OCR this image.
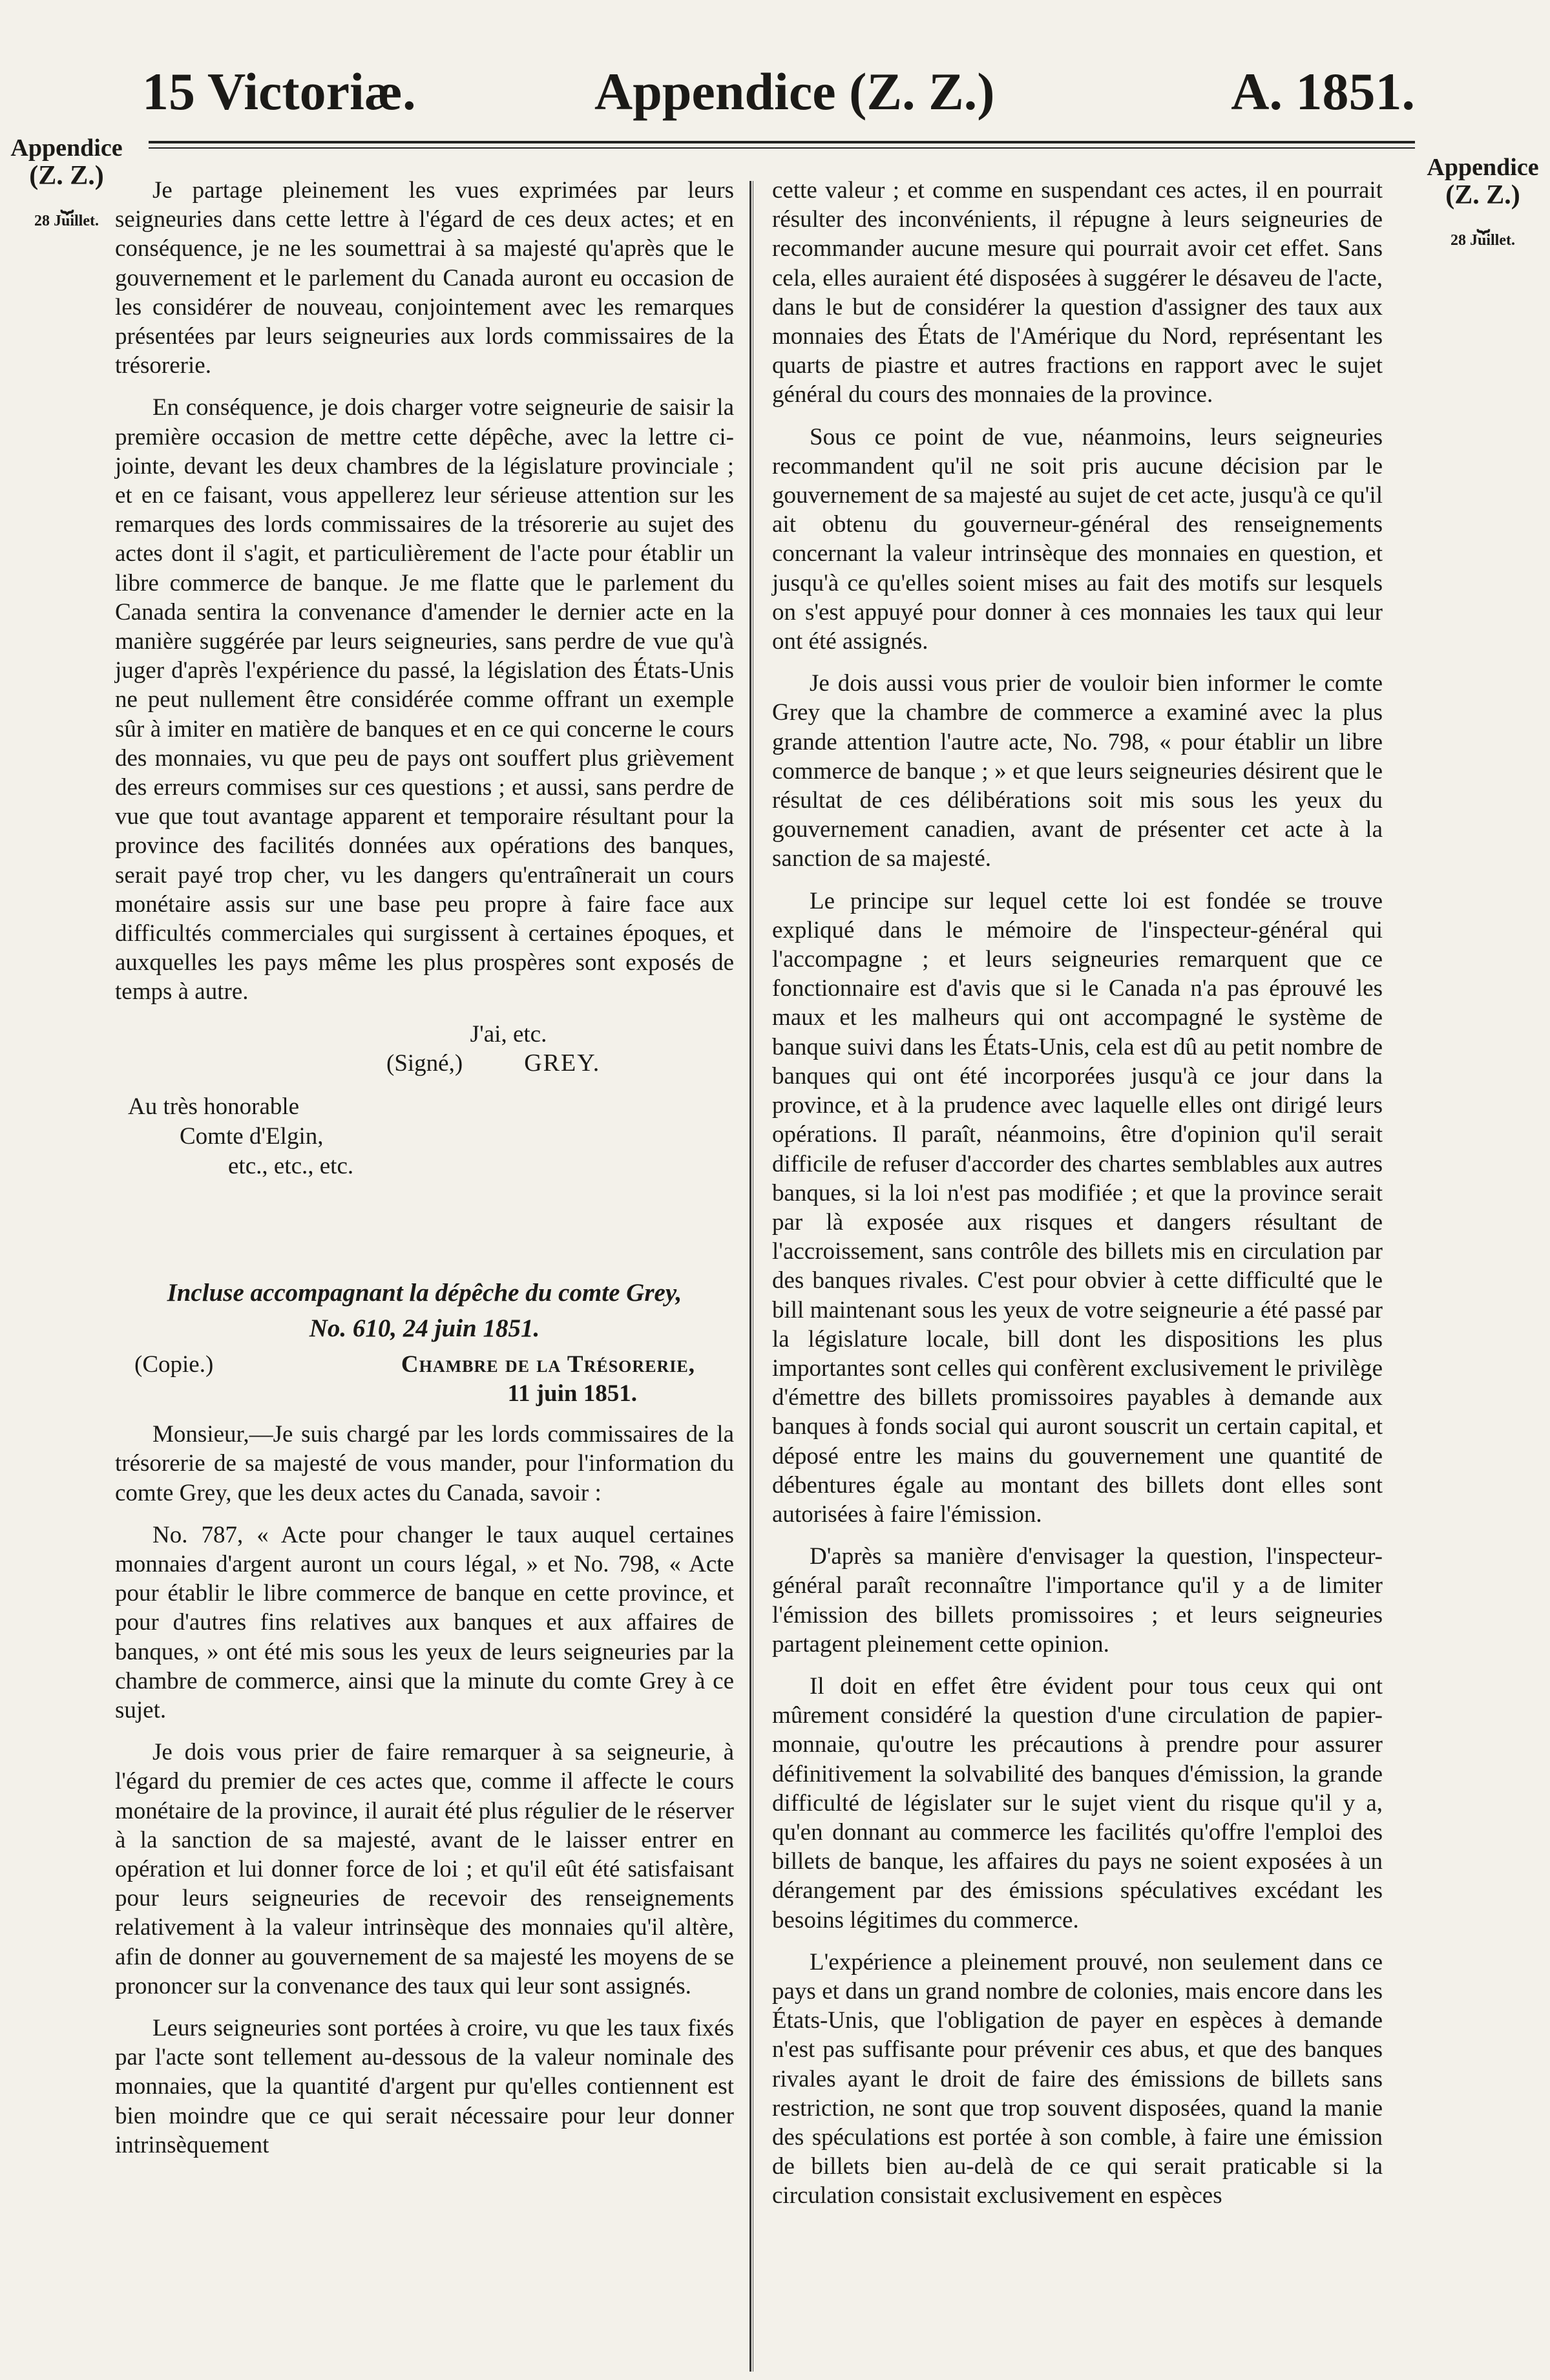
15 Victoriæ.	Appendice (Z. Z.)	A. 1851.
Appendice
(Z. Z.)
⏟
28 Juillet.
Appendice
(Z. Z.)
⏟
28 Juillet.

Je partage pleinement les vues exprimées par leurs seigneuries dans cette lettre à l'égard de ces deux actes; et en conséquence, je ne les soumettrai à sa majesté qu'après que le gouvernement et le parlement du Canada auront eu occasion de les considérer de nouveau, conjointement avec les remarques présentées par leurs seigneuries aux lords commissaires de la trésorerie.

En conséquence, je dois charger votre seigneurie de saisir la première occasion de mettre cette dépêche, avec la lettre ci-jointe, devant les deux chambres de la législature provinciale ; et en ce faisant, vous appellerez leur sérieuse attention sur les remarques des lords commissaires de la trésorerie au sujet des actes dont il s'agit, et particulièrement de l'acte pour établir un libre commerce de banque. Je me flatte que le parlement du Canada sentira la convenance d'amender le dernier acte en la manière suggérée par leurs seigneuries, sans perdre de vue qu'à juger d'après l'expérience du passé, la législation des États-Unis ne peut nullement être considérée comme offrant un exemple sûr à imiter en matière de banques et en ce qui concerne le cours des monnaies, vu que peu de pays ont souffert plus grièvement des erreurs commises sur ces questions ; et aussi, sans perdre de vue que tout avantage apparent et temporaire résultant pour la province des facilités données aux opérations des banques, serait payé trop cher, vu les dangers qu'entraînerait un cours monétaire assis sur une base peu propre à faire face aux difficultés commerciales qui surgissent à certaines époques, et auxquelles les pays même les plus prospères sont exposés de temps à autre.

J'ai, etc.

(Signé,)	GREY.

Au très honorable

Comte d'Elgin,

etc., etc., etc.

Incluse accompagnant la dépêche du comte Grey,

No. 610, 24 juin 1851.

(Copie.)	Chambre de la Trésorerie,

11 juin 1851.

Monsieur,—Je suis chargé par les lords commissaires de la trésorerie de sa majesté de vous mander, pour l'information du comte Grey, que les deux actes du Canada, savoir :

No. 787, « Acte pour changer le taux auquel certaines monnaies d'argent auront un cours légal, » et No. 798, « Acte pour établir le libre commerce de banque en cette province, et pour d'autres fins relatives aux banques et aux affaires de banques, » ont été mis sous les yeux de leurs seigneuries par la chambre de commerce, ainsi que la minute du comte Grey à ce sujet.

Je dois vous prier de faire remarquer à sa seigneurie, à l'égard du premier de ces actes que, comme il affecte le cours monétaire de la province, il aurait été plus régulier de le réserver à la sanction de sa majesté, avant de le laisser entrer en opération et lui donner force de loi ; et qu'il eût été satisfaisant pour leurs seigneuries de recevoir des renseignements relativement à la valeur intrinsèque des monnaies qu'il altère, afin de donner au gouvernement de sa majesté les moyens de se prononcer sur la convenance des taux qui leur sont assignés.

Leurs seigneuries sont portées à croire, vu que les taux fixés par l'acte sont tellement au-dessous de la valeur nominale des monnaies, que la quantité d'argent pur qu'elles contiennent est bien moindre que ce qui serait nécessaire pour leur donner intrinsèquement

cette valeur ; et comme en suspendant ces actes, il en pourrait résulter des inconvénients, il répugne à leurs seigneuries de recommander aucune mesure qui pourrait avoir cet effet. Sans cela, elles auraient été disposées à suggérer le désaveu de l'acte, dans le but de considérer la question d'assigner des taux aux monnaies des États de l'Amérique du Nord, représentant les quarts de piastre et autres fractions en rapport avec le sujet général du cours des monnaies de la province.

Sous ce point de vue, néanmoins, leurs seigneuries recommandent qu'il ne soit pris aucune décision par le gouvernement de sa majesté au sujet de cet acte, jusqu'à ce qu'il ait obtenu du gouverneur-général des renseignements concernant la valeur intrinsèque des monnaies en question, et jusqu'à ce qu'elles soient mises au fait des motifs sur lesquels on s'est appuyé pour donner à ces monnaies les taux qui leur ont été assignés.

Je dois aussi vous prier de vouloir bien informer le comte Grey que la chambre de commerce a examiné avec la plus grande attention l'autre acte, No. 798, « pour établir un libre commerce de banque ; » et que leurs seigneuries désirent que le résultat de ces délibérations soit mis sous les yeux du gouvernement canadien, avant de présenter cet acte à la sanction de sa majesté.

Le principe sur lequel cette loi est fondée se trouve expliqué dans le mémoire de l'inspecteur-général qui l'accompagne ; et leurs seigneuries remarquent que ce fonctionnaire est d'avis que si le Canada n'a pas éprouvé les maux et les malheurs qui ont accompagné le système de banque suivi dans les États-Unis, cela est dû au petit nombre de banques qui ont été incorporées jusqu'à ce jour dans la province, et à la prudence avec laquelle elles ont dirigé leurs opérations. Il paraît, néanmoins, être d'opinion qu'il serait difficile de refuser d'accorder des chartes semblables aux autres banques, si la loi n'est pas modifiée ; et que la province serait par là exposée aux risques et dangers résultant de l'accroissement, sans contrôle des billets mis en circulation par des banques rivales. C'est pour obvier à cette difficulté que le bill maintenant sous les yeux de votre seigneurie a été passé par la législature locale, bill dont les dispositions les plus importantes sont celles qui confèrent exclusivement le privilège d'émettre des billets promissoires payables à demande aux banques à fonds social qui auront souscrit un certain capital, et déposé entre les mains du gouvernement une quantité de débentures égale au montant des billets dont elles sont autorisées à faire l'émission.

D'après sa manière d'envisager la question, l'inspecteur-général paraît reconnaître l'importance qu'il y a de limiter l'émission des billets promissoires ; et leurs seigneuries partagent pleinement cette opinion.

Il doit en effet être évident pour tous ceux qui ont mûrement considéré la question d'une circulation de papier-monnaie, qu'outre les précautions à prendre pour assurer définitivement la solvabilité des banques d'émission, la grande difficulté de législater sur le sujet vient du risque qu'il y a, qu'en donnant au commerce les facilités qu'offre l'emploi des billets de banque, les affaires du pays ne soient exposées à un dérangement par des émissions spéculatives excédant les besoins légitimes du commerce.

L'expérience a pleinement prouvé, non seulement dans ce pays et dans un grand nombre de colonies, mais encore dans les États-Unis, que l'obligation de payer en espèces à demande n'est pas suffisante pour prévenir ces abus, et que des banques rivales ayant le droit de faire des émissions de billets sans restriction, ne sont que trop souvent disposées, quand la manie des spéculations est portée à son comble, à faire une émission de billets bien au-delà de ce qui serait praticable si la circulation consistait exclusivement en espèces
